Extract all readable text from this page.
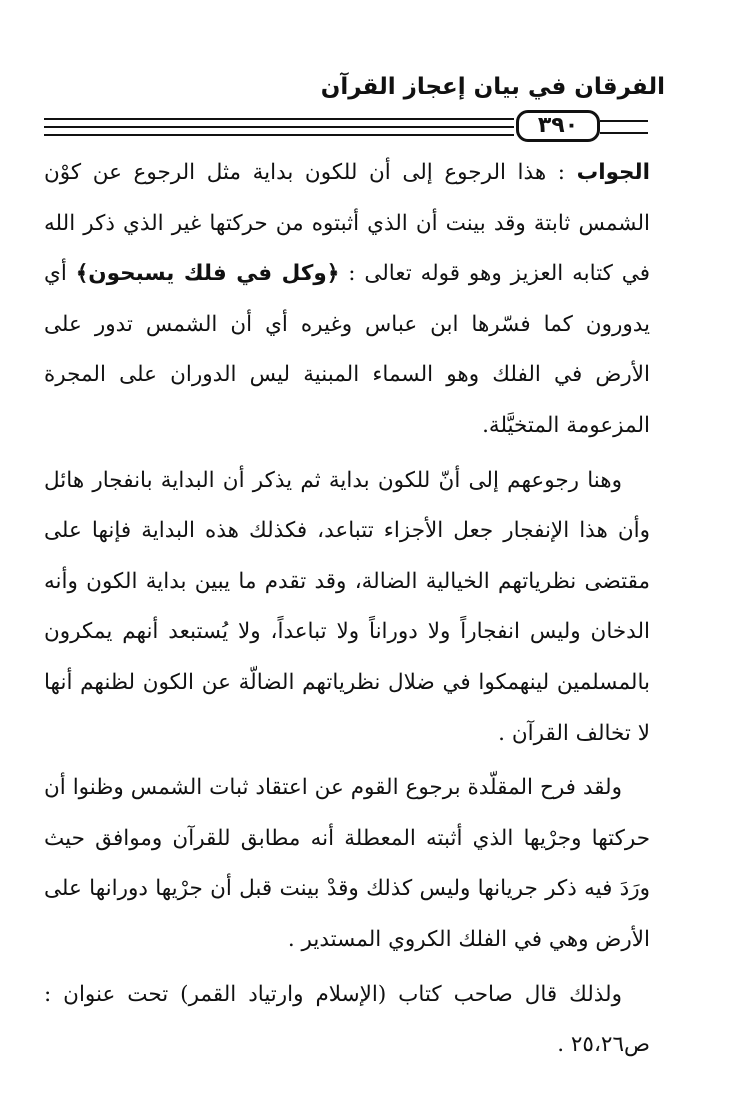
الفرقان في بيان إعجاز القرآن
٣٩٠

الجواب : هذا الرجوع إلى أن للكون بداية مثل الرجوع عن كوْن الشمس ثابتة وقد بينت أن الذي أثبتوه من حركتها غير الذي ذكر الله في كتابه العزيز وهو قوله تعالى : ﴿وكل في فلك يسبحون﴾ أي يدورون كما فسّرها ابن عباس وغيره أي أن الشمس تدور على الأرض في الفلك وهو السماء المبنية ليس الدوران على المجرة المزعومة المتخيَّلة.

وهنا رجوعهم إلى أنّ للكون بداية ثم يذكر أن البداية بانفجار هائل وأن هذا الإنفجار جعل الأجزاء تتباعد، فكذلك هذه البداية فإنها على مقتضى نظرياتهم الخيالية الضالة، وقد تقدم ما يبين بداية الكون وأنه الدخان وليس انفجاراً ولا دوراناً ولا تباعداً، ولا يُستبعد أنهم يمكرون بالمسلمين لينهمكوا في ضلال نظرياتهم الضالّة عن الكون لظنهم أنها لا تخالف القرآن .

ولقد فرح المقلّدة برجوع القوم عن اعتقاد ثبات الشمس وظنوا أن حركتها وجرْيها الذي أثبته المعطلة أنه مطابق للقرآن وموافق حيث ورَدَ فيه ذكر جريانها وليس كذلك وقدْ بينت قبل أن جرْيها دورانها على الأرض وهي في الفلك الكروي المستدير .

ولذلك قال صاحب كتاب (الإسلام وارتياد القمر) تحت عنوان : ص٢٥،٢٦ .
